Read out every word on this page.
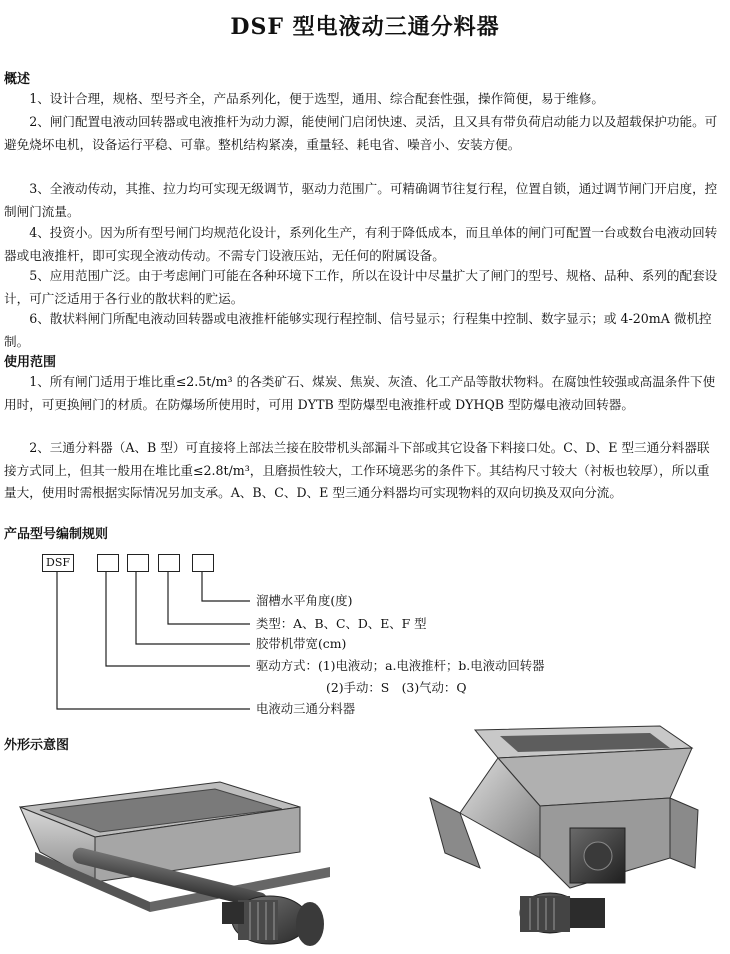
DSF 型电液动三通分料器
概述

1、设计合理，规格、型号齐全，产品系列化，便于选型，通用、综合配套性强，操作简便，易于维修。

2、闸门配置电液动回转器或电液推杆为动力源，能使闸门启闭快速、灵活，且又具有带负荷启动能力以及超载保护功能。可避免烧坏电机，设备运行平稳、可靠。整机结构紧凑，重量轻、耗电省、噪音小、安装方便。

3、全液动传动，其推、拉力均可实现无级调节，驱动力范围广。可精确调节往复行程，位置自锁，通过调节闸门开启度，控制闸门流量。

4、投资小。因为所有型号闸门均规范化设计，系列化生产，有利于降低成本，而且单体的闸门可配置一台或数台电液动回转器或电液推杆，即可实现全液动传动。不需专门设液压站，无任何的附属设备。

5、应用范围广泛。由于考虑闸门可能在各种环境下工作，所以在设计中尽量扩大了闸门的型号、规格、品种、系列的配套设计，可广泛适用于各行业的散状料的贮运。

6、散状料闸门所配电液动回转器或电液推杆能够实现行程控制、信号显示；行程集中控制、数字显示；或 4-20mA 微机控制。

使用范围

1、所有闸门适用于堆比重≤2.5t/m³ 的各类矿石、煤炭、焦炭、灰渣、化工产品等散状物料。在腐蚀性较强或高温条件下使用时，可更换闸门的材质。在防爆场所使用时，可用 DYTB 型防爆型电液推杆或 DYHQB 型防爆电液动回转器。

2、三通分料器（A、B 型）可直接将上部法兰接在胶带机头部漏斗下部或其它设备下料接口处。C、D、E 型三通分料器联接方式同上，但其一般用在堆比重≤2.8t/m³，且磨损性较大，工作环境恶劣的条件下。其结构尺寸较大（衬板也较厚），所以重量大，使用时需根据实际情况另加支承。A、B、C、D、E 型三通分料器均可实现物料的双向切换及双向分流。

产品型号编制规则
DSF
溜槽水平角度(度)
类型：A、B、C、D、E、F 型
胶带机带宽(cm)
驱动方式：(1)电液动；a.电液推杆；b.电液动回转器
(2)手动：S　(3)气动：Q
电液动三通分料器
外形示意图
